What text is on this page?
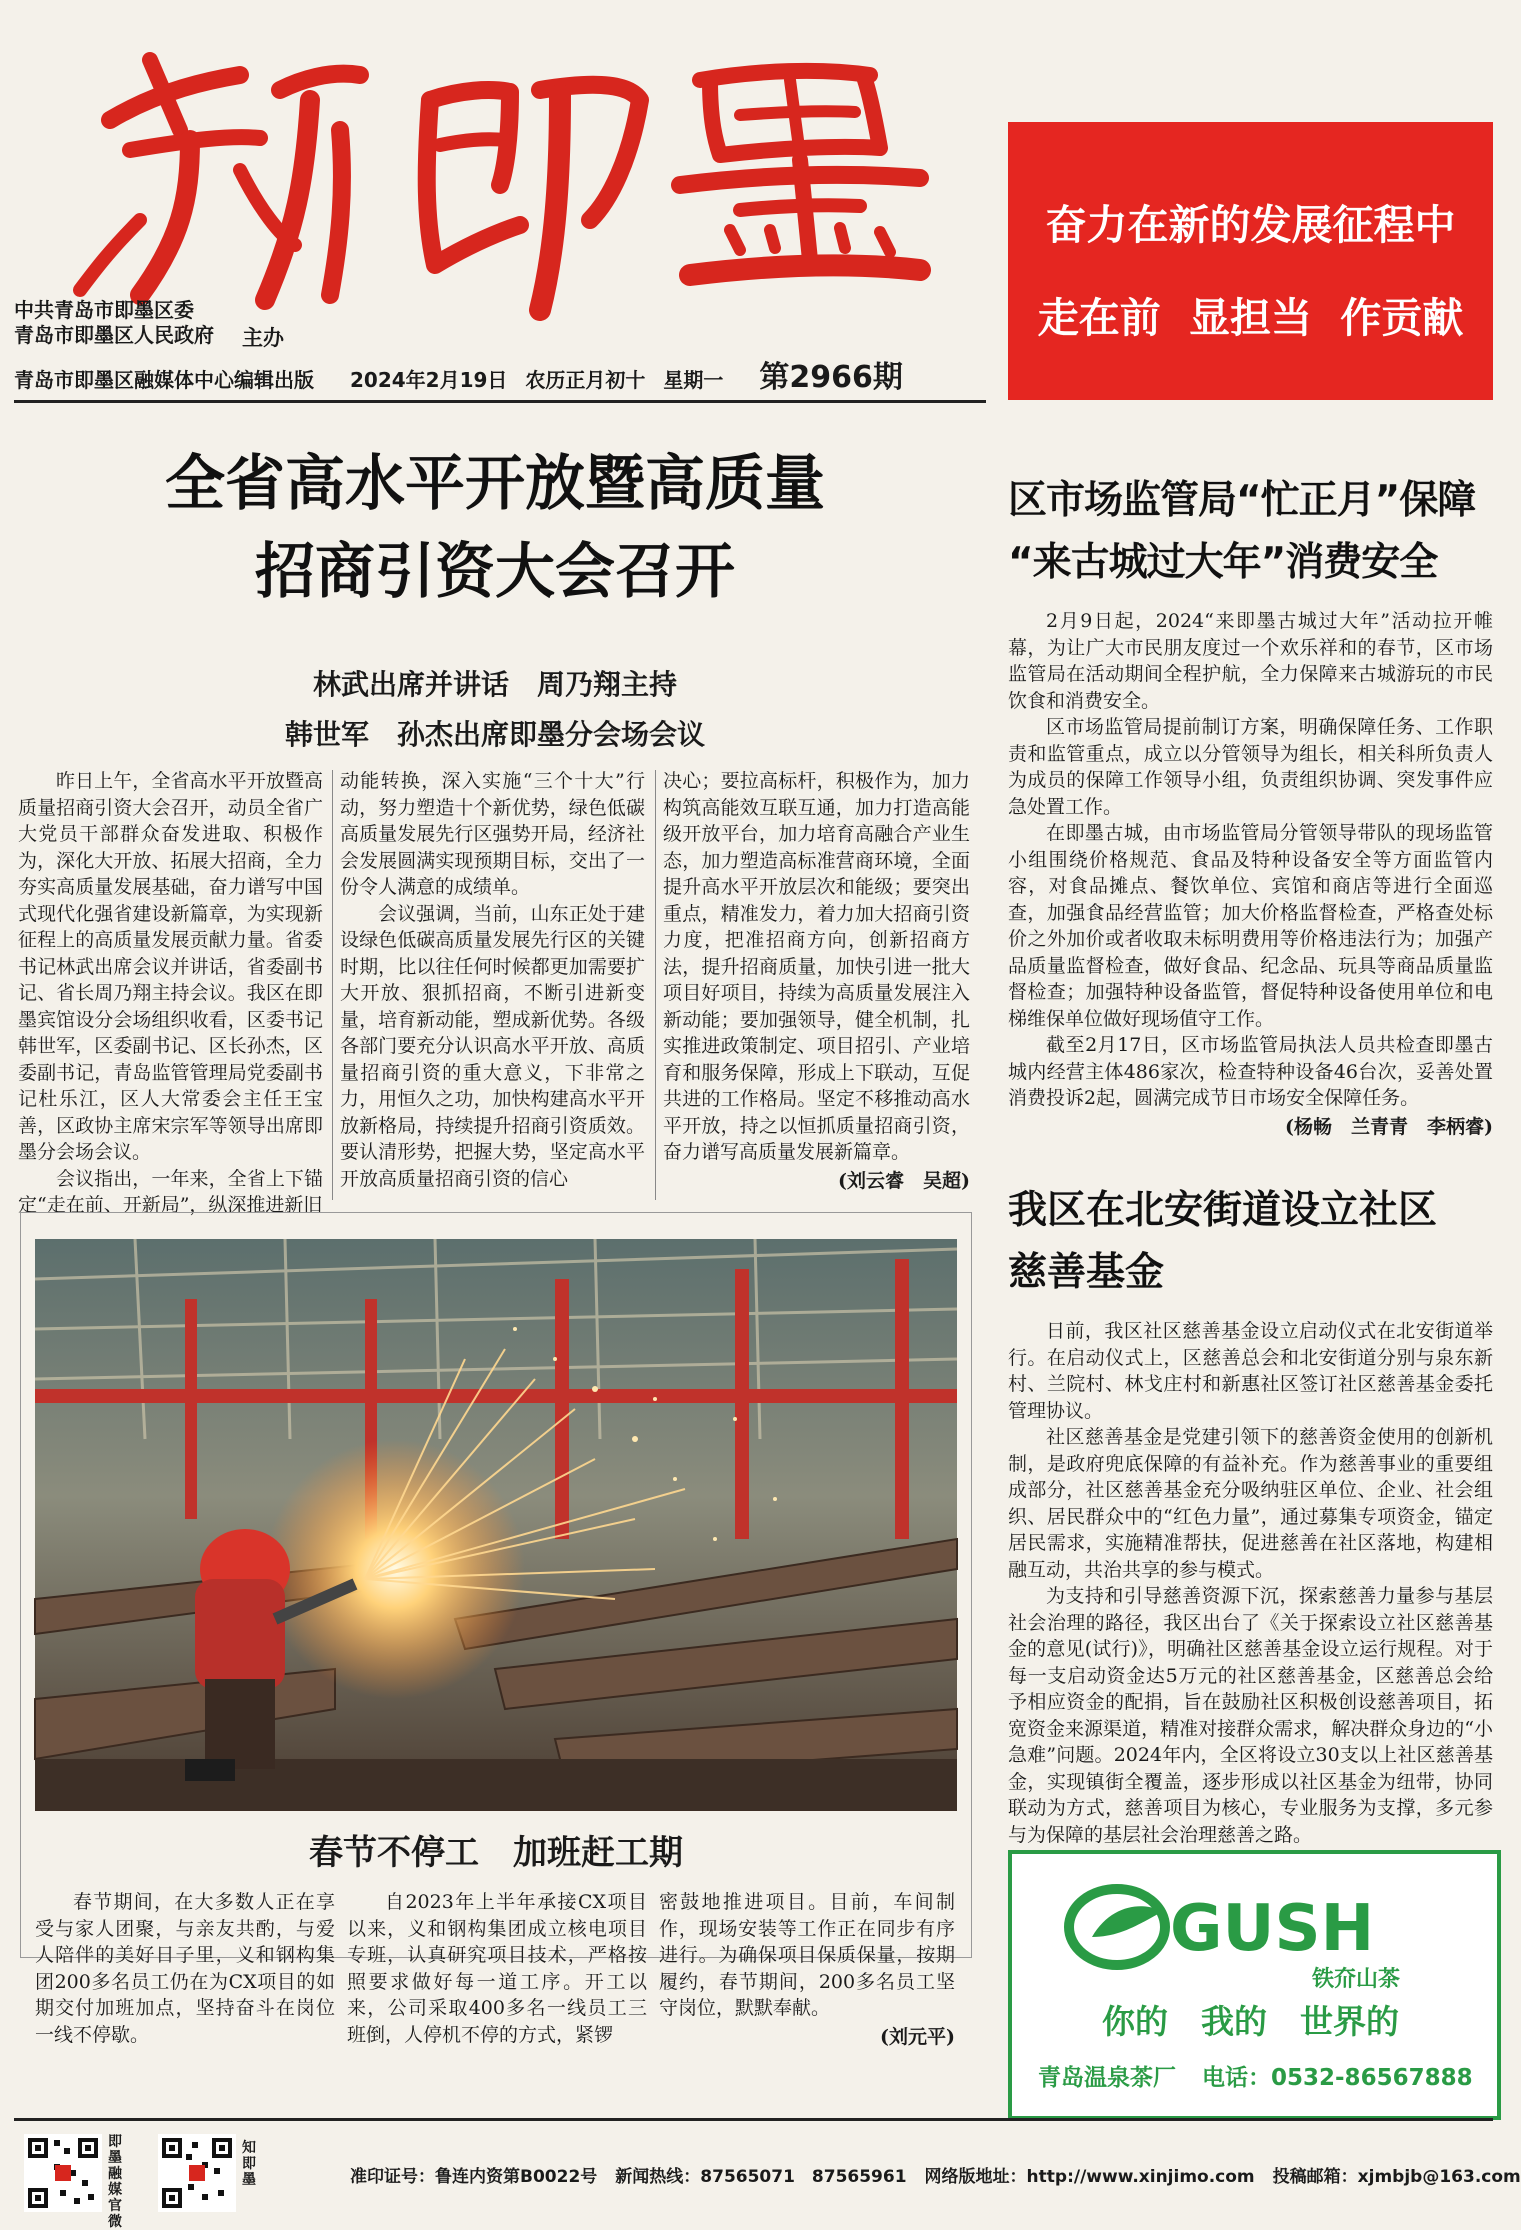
新即墨
中共青岛市即墨区委
青岛市即墨区人民政府 主办
青岛市即墨区融媒体中心编辑出版 2024年2月19日 农历正月初十 星期一 第2966期
奋力在新的发展征程中
走在前 显担当 作贡献
全省高水平开放暨高质量
招商引资大会召开
林武出席并讲话　周乃翔主持
韩世军　孙杰出席即墨分会场会议

昨日上午，全省高水平开放暨高质量招商引资大会召开，动员全省广大党员干部群众奋发进取、积极作为，深化大开放、拓展大招商，全力夯实高质量发展基础，奋力谱写中国式现代化强省建设新篇章，为实现新征程上的高质量发展贡献力量。省委书记林武出席会议并讲话，省委副书记、省长周乃翔主持会议。我区在即墨宾馆设分会场组织收看，区委书记韩世军，区委副书记、区长孙杰，区委副书记，青岛监管管理局党委副书记杜乐江，区人大常委会主任王宝善，区政协主席宋宗军等领导出席即墨分会场会议。

会议指出，一年来，全省上下锚定“走在前、开新局”，纵深推进新旧

动能转换，深入实施“三个十大”行动，努力塑造十个新优势，绿色低碳高质量发展先行区强势开局，经济社会发展圆满实现预期目标，交出了一份令人满意的成绩单。

会议强调，当前，山东正处于建设绿色低碳高质量发展先行区的关键时期，比以往任何时候都更加需要扩大开放、狠抓招商，不断引进新变量，培育新动能，塑成新优势。各级各部门要充分认识高水平开放、高质量招商引资的重大意义，下非常之力，用恒久之功，加快构建高水平开放新格局，持续提升招商引资质效。要认清形势，把握大势，坚定高水平开放高质量招商引资的信心

决心；要拉高标杆，积极作为，加力构筑高能效互联互通，加力打造高能级开放平台，加力培育高融合产业生态，加力塑造高标准营商环境，全面提升高水平开放层次和能级；要突出重点，精准发力，着力加大招商引资力度，把准招商方向，创新招商方法，提升招商质量，加快引进一批大项目好项目，持续为高质量发展注入新动能；要加强领导，健全机制，扎实推进政策制定、项目招引、产业培育和服务保障，形成上下联动，互促共进的工作格局。坚定不移推动高水平开放，持之以恒抓质量招商引资，奋力谱写高质量发展新篇章。

(刘云睿　吴超)
春节不停工　加班赶工期

春节期间，在大多数人正在享受与家人团聚，与亲友共酌，与爱人陪伴的美好日子里，义和钢构集团200多名员工仍在为CX项目的如期交付加班加点，坚持奋斗在岗位一线不停歇。

自2023年上半年承接CX项目以来，义和钢构集团成立核电项目专班，认真研究项目技术，严格按照要求做好每一道工序。开工以来，公司采取400多名一线员工三班倒，人停机不停的方式，紧锣

密鼓地推进项目。目前，车间制作，现场安装等工作正在同步有序进行。为确保项目保质保量，按期履约，春节期间，200多名员工坚守岗位，默默奉献。

(刘元平)
区市场监管局“忙正月”保障
“来古城过大年”消费安全

2月9日起，2024“来即墨古城过大年”活动拉开帷幕，为让广大市民朋友度过一个欢乐祥和的春节，区市场监管局在活动期间全程护航，全力保障来古城游玩的市民饮食和消费安全。

区市场监管局提前制订方案，明确保障任务、工作职责和监管重点，成立以分管领导为组长，相关科所负责人为成员的保障工作领导小组，负责组织协调、突发事件应急处置工作。

在即墨古城，由市场监管局分管领导带队的现场监管小组围绕价格规范、食品及特种设备安全等方面监管内容，对食品摊点、餐饮单位、宾馆和商店等进行全面巡查，加强食品经营监管；加大价格监督检查，严格查处标价之外加价或者收取未标明费用等价格违法行为；加强产品质量监督检查，做好食品、纪念品、玩具等商品质量监督检查；加强特种设备监管，督促特种设备使用单位和电梯维保单位做好现场值守工作。

截至2月17日，区市场监管局执法人员共检查即墨古城内经营主体486家次，检查特种设备46台次，妥善处置消费投诉2起，圆满完成节日市场安全保障任务。

(杨畅　兰青青　李柄睿)
我区在北安街道设立社区
慈善基金

日前，我区社区慈善基金设立启动仪式在北安街道举行。在启动仪式上，区慈善总会和北安街道分别与泉东新村、兰院村、林戈庄村和新惠社区签订社区慈善基金委托管理协议。

社区慈善基金是党建引领下的慈善资金使用的创新机制，是政府兜底保障的有益补充。作为慈善事业的重要组成部分，社区慈善基金充分吸纳驻区单位、企业、社会组织、居民群众中的“红色力量”，通过募集专项资金，锚定居民需求，实施精准帮扶，促进慈善在社区落地，构建相融互动，共治共享的参与模式。

为支持和引导慈善资源下沉，探索慈善力量参与基层社会治理的路径，我区出台了《关于探索设立社区慈善基金的意见(试行)》，明确社区慈善基金设立运行规程。对于每一支启动资金达5万元的社区慈善基金，区慈善总会给予相应资金的配捐，旨在鼓励社区积极创设慈善项目，拓宽资金来源渠道，精准对接群众需求，解决群众身边的“小急难”问题。2024年内，全区将设立30支以上社区慈善基金，实现镇街全覆盖，逐步形成以社区基金为纽带，协同联动为方式，慈善项目为核心，专业服务为支撑，多元参与为保障的基层社会治理慈善之路。

GUSH
铁夼山茶
你的　我的　世界的
青岛温泉茶厂 电话：0532-86567888
即墨融媒官微
知即墨	准印证号：鲁连内资第B0022号 新闻热线：87565071　87565961 网络版地址：http://www.xinjimo.com 投稿邮箱：xjmbjb@163.com
